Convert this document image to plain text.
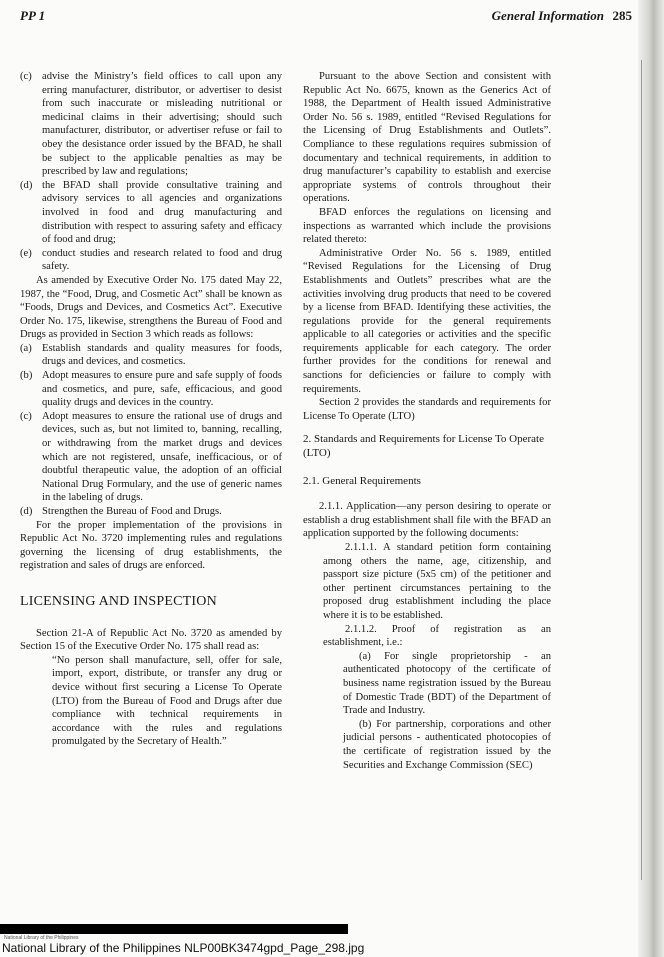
PP 1	General Information 285
(c) advise the Ministry’s field offices to call upon any erring manufacturer, distributor, or advertiser to desist from such inaccurate or misleading nutritional or medicinal claims in their advertising; should such manufacturer, distributor, or advertiser refuse or fail to obey the desistance order issued by the BFAD, he shall be subject to the applicable penalties as may be prescribed by law and regulations;
(d) the BFAD shall provide consultative training and advisory services to all agencies and organizations involved in food and drug manufacturing and distribution with respect to assuring safety and efficacy of food and drug;
(e) conduct studies and research related to food and drug safety.

As amended by Executive Order No. 175 dated May 22, 1987, the “Food, Drug, and Cosmetic Act” shall be known as “Foods, Drugs and Devices, and Cosmetics Act”. Executive Order No. 175, likewise, strengthens the Bureau of Food and Drugs as provided in Section 3 which reads as follows:

(a) Establish standards and quality measures for foods, drugs and devices, and cosmetics.
(b) Adopt measures to ensure pure and safe supply of foods and cosmetics, and pure, safe, efficacious, and good quality drugs and devices in the country.
(c) Adopt measures to ensure the rational use of drugs and devices, such as, but not limited to, banning, recalling, or withdrawing from the market drugs and devices which are not registered, unsafe, inefficacious, or of doubtful therapeutic value, the adoption of an official National Drug Formulary, and the use of generic names in the labeling of drugs.
(d) Strengthen the Bureau of Food and Drugs.

For the proper implementation of the provisions in Republic Act No. 3720 implementing rules and regulations governing the licensing of drug establishments, the registration and sales of drugs are enforced.

LICENSING AND INSPECTION

Section 21-A of Republic Act No. 3720 as amended by Section 15 of the Executive Order No. 175 shall read as:

“No person shall manufacture, sell, offer for sale, import, export, distribute, or transfer any drug or device without first securing a License To Operate (LTO) from the Bureau of Food and Drugs after due compliance with technical requirements in accordance with the rules and regulations promulgated by the Secretary of Health.”

Pursuant to the above Section and consistent with Republic Act No. 6675, known as the Generics Act of 1988, the Department of Health issued Administrative Order No. 56 s. 1989, entitled “Revised Regulations for the Licensing of Drug Establishments and Outlets”. Compliance to these regulations requires submission of documentary and technical requirements, in addition to drug manufacturer’s capability to establish and exercise appropriate systems of controls throughout their operations.

BFAD enforces the regulations on licensing and inspections as warranted which include the provisions related thereto:

Administrative Order No. 56 s. 1989, entitled “Revised Regulations for the Licensing of Drug Establishments and Outlets” prescribes what are the activities involving drug products that need to be covered by a license from BFAD. Identifying these activities, the regulations provide for the general requirements applicable to all categories or activities and the specific requirements applicable for each category. The order further provides for the conditions for renewal and sanctions for deficiencies or failure to comply with requirements.

Section 2 provides the standards and requirements for License To Operate (LTO)

2. Standards and Requirements for License To Operate (LTO)

2.1. General Requirements

2.1.1. Application—any person desiring to operate or establish a drug establishment shall file with the BFAD an application supported by the following documents:

2.1.1.1. A standard petition form containing among others the name, age, citizenship, and passport size picture (5x5 cm) of the petitioner and other pertinent circumstances pertaining to the proposed drug establishment including the place where it is to be established.

2.1.1.2. Proof of registration as an establishment, i.e.:

(a) For single proprietorship - an authenticated photocopy of the certificate of business name registration issued by the Bureau of Domestic Trade (BDT) of the Department of Trade and Industry.

(b) For partnership, corporations and other judicial persons - authenticated photocopies of the certificate of registration issued by the Securities and Exchange Commission (SEC)

National Library of the Philippines
National Library of the Philippines NLP00BK3474gpd_Page_298.jpg
